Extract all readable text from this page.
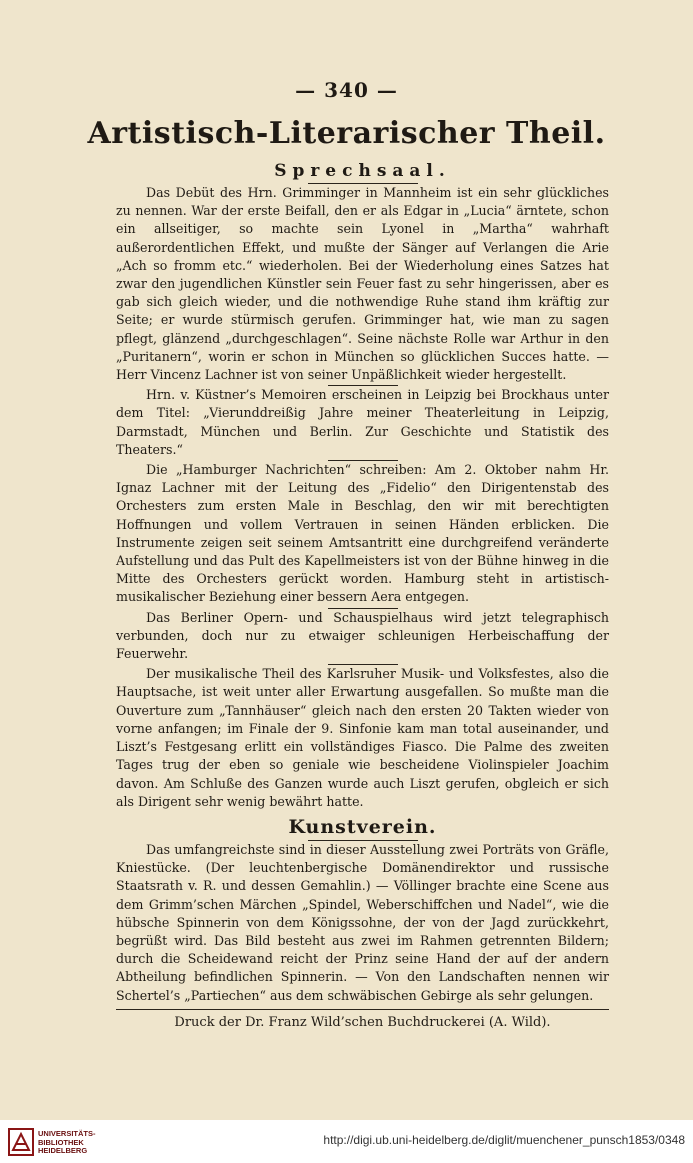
— 340 —
Artistisch-Literarischer Theil.
Sprechsaal.

Das Debüt des Hrn. Grimminger in Mannheim ist ein sehr glückliches zu nennen. War der erste Beifall, den er als Edgar in „Lucia“ ärntete, schon ein allseitiger, so machte sein Lyonel in „Martha“ wahrhaft außerordentlichen Effekt, und mußte der Sänger auf Verlangen die Arie „Ach so fromm etc.“ wiederholen. Bei der Wiederholung eines Satzes hat zwar den jugendlichen Künstler sein Feuer fast zu sehr hingerissen, aber es gab sich gleich wieder, und die nothwendige Ruhe stand ihm kräftig zur Seite; er wurde stürmisch gerufen. Grimminger hat, wie man zu sagen pflegt, glänzend „durchgeschlagen“. Seine nächste Rolle war Arthur in den „Puritanern“, worin er schon in München so glücklichen Succes hatte. — Herr Vincenz Lachner ist von seiner Unpäßlichkeit wieder hergestellt.

Hrn. v. Küstner’s Memoiren erscheinen in Leipzig bei Brockhaus unter dem Titel: „Vierunddreißig Jahre meiner Theaterleitung in Leipzig, Darmstadt, München und Berlin. Zur Geschichte und Statistik des Theaters.“

Die „Hamburger Nachrichten“ schreiben: Am 2. Oktober nahm Hr. Ignaz Lachner mit der Leitung des „Fidelio“ den Dirigentenstab des Orchesters zum ersten Male in Beschlag, den wir mit berechtigten Hoffnungen und vollem Vertrauen in seinen Händen erblicken. Die Instrumente zeigen seit seinem Amtsantritt eine durchgreifend veränderte Aufstellung und das Pult des Kapellmeisters ist von der Bühne hinweg in die Mitte des Orchesters gerückt worden. Hamburg steht in artistisch-musikalischer Beziehung einer bessern Aera entgegen.

Das Berliner Opern- und Schauspielhaus wird jetzt telegraphisch verbunden, doch nur zu etwaiger schleunigen Herbeischaffung der Feuerwehr.

Der musikalische Theil des Karlsruher Musik- und Volksfestes, also die Hauptsache, ist weit unter aller Erwartung ausgefallen. So mußte man die Ouverture zum „Tannhäuser“ gleich nach den ersten 20 Takten wieder von vorne anfangen; im Finale der 9. Sinfonie kam man total auseinander, und Liszt’s Festgesang erlitt ein vollständiges Fiasco. Die Palme des zweiten Tages trug der eben so geniale wie bescheidene Violinspieler Joachim davon. Am Schluße des Ganzen wurde auch Liszt gerufen, obgleich er sich als Dirigent sehr wenig bewährt hatte.

Kunstverein.

Das umfangreichste sind in dieser Ausstellung zwei Porträts von Gräfle, Kniestücke. (Der leuchtenbergische Domänendirektor und russische Staatsrath v. R. und dessen Gemahlin.) — Völlinger brachte eine Scene aus dem Grimm’schen Märchen „Spindel, Weberschiffchen und Nadel“, wie die hübsche Spinnerin von dem Königssohne, der von der Jagd zurückkehrt, begrüßt wird. Das Bild besteht aus zwei im Rahmen getrennten Bildern; durch die Scheidewand reicht der Prinz seine Hand der auf der andern Abtheilung befindlichen Spinnerin. — Von den Landschaften nennen wir Schertel’s „Partiechen“ aus dem schwäbischen Gebirge als sehr gelungen.

Druck der Dr. Franz Wild’schen Buchdruckerei (A. Wild).
UNIVERSITÄTS-
BIBLIOTHEK
HEIDELBERG
http://digi.ub.uni-heidelberg.de/diglit/muenchener_punsch1853/0348
